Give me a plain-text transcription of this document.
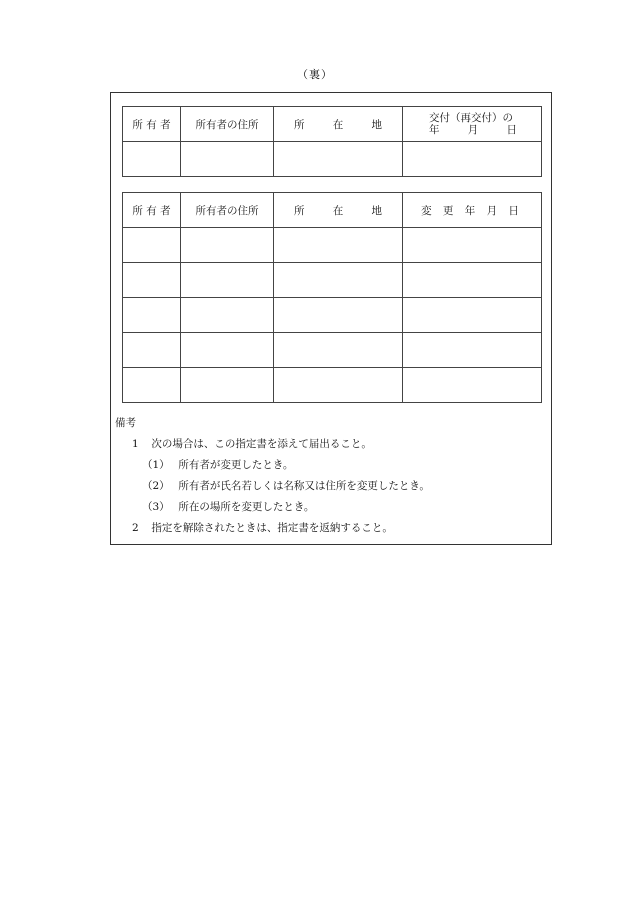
（裏）
所 有 者	所有者の住所	所 在 地	交付（再交付）の
年 月 日

所 有 者	所有者の住所	所 在 地	変 更 年 月 日

備考
1 次の場合は、この指定書を添えて届出ること。
（1） 所有者が変更したとき。
（2） 所有者が氏名若しくは名称又は住所を変更したとき。
（3） 所在の場所を変更したとき。
2 指定を解除されたときは、指定書を返納すること。
